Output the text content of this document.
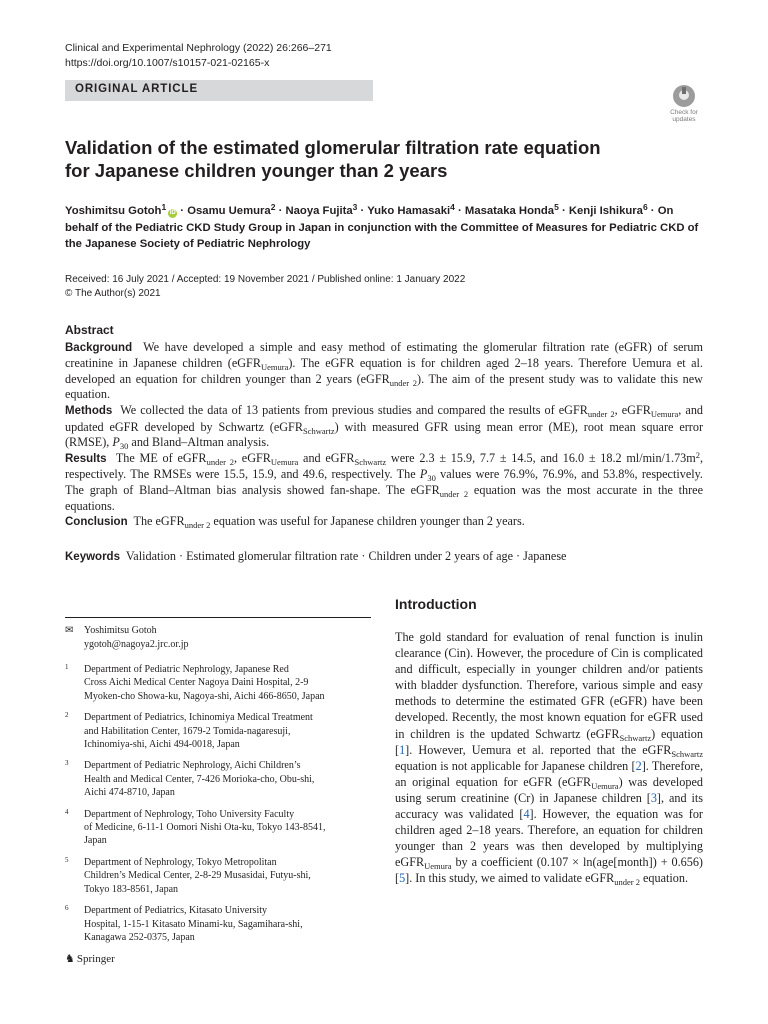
Clinical and Experimental Nephrology (2022) 26:266–271
https://doi.org/10.1007/s10157-021-02165-x
ORIGINAL ARTICLE
Check for
updates
Validation of the estimated glomerular filtration rate equation
for Japanese children younger than 2 years
Yoshimitsu Gotoh$^1$iD · Osamu Uemura$^2$ · Naoya Fujita$^3$ · Yuko Hamasaki$^4$ · Masataka Honda$^5$ · Kenji Ishikura$^6$ · On behalf of the Pediatric CKD Study Group in Japan in conjunction with the Committee of Measures for Pediatric CKD of the Japanese Society of Pediatric Nephrology
Received: 16 July 2021 / Accepted: 19 November 2021 / Published online: 1 January 2022
© The Author(s) 2021
Abstract

Background We have developed a simple and easy method of estimating the glomerular filtration rate (eGFR) of serum creatinine in Japanese children (eGFR$_{Uemura}$). The eGFR equation is for children aged 2–18 years. Therefore Uemura et al. developed an equation for children younger than 2 years (eGFR$_{under 2}$). The aim of the present study was to validate this new equation.

Methods We collected the data of 13 patients from previous studies and compared the results of eGFR$_{under 2}$, eGFR$_{Uemura}$, and updated eGFR developed by Schwartz (eGFR$_{Schwartz}$) with measured GFR using mean error (ME), root mean square error (RMSE), $P_{30}$ and Bland–Altman analysis.

Results The ME of eGFR$_{under 2}$, eGFR$_{Uemura}$ and eGFR$_{Schwartz}$ were 2.3 ± 15.9, 7.7 ± 14.5, and 16.0 ± 18.2 $ml/\min/1.73m^2$, respectively. The RMSEs were 15.5, 15.9, and 49.6, respectively. The $P_{30}$ values were 76.9%, 76.9%, and 53.8%, respectively. The graph of Bland–Altman bias analysis showed fan-shape. The eGFR$_{under 2}$ equation was the most accurate in the three equations.

Conclusion The eGFR$_{under 2}$ equation was useful for Japanese children younger than 2 years.

Keywords Validation · Estimated glomerular filtration rate · Children under 2 years of age · Japanese
✉ Yoshimitsu Gotoh
ygotoh@nagoya2.jrc.or.jp
1 Department of Pediatric Nephrology, Japanese Red
Cross Aichi Medical Center Nagoya Daini Hospital, 2-9
Myoken-cho Showa-ku, Nagoya-shi, Aichi 466-8650, Japan
2 Department of Pediatrics, Ichinomiya Medical Treatment
and Habilitation Center, 1679-2 Tomida-nagaresuji,
Ichinomiya-shi, Aichi 494-0018, Japan
3 Department of Pediatric Nephrology, Aichi Children’s
Health and Medical Center, 7-426 Morioka-cho, Obu-shi,
Aichi 474-8710, Japan
4 Department of Nephrology, Toho University Faculty
of Medicine, 6-11-1 Oomori Nishi Ota-ku, Tokyo 143-8541,
Japan
5 Department of Nephrology, Tokyo Metropolitan
Children’s Medical Center, 2-8-29 Musasidai, Futyu-shi,
Tokyo 183-8561, Japan
6 Department of Pediatrics, Kitasato University
Hospital, 1-15-1 Kitasato Minami-ku, Sagamihara-shi,
Kanagawa 252-0375, Japan
♞ Springer
Introduction

The gold standard for evaluation of renal function is inulin clearance (Cin). However, the procedure of Cin is complicated and difficult, especially in younger children and/or patients with bladder dysfunction. Therefore, various simple and easy methods to determine the estimated GFR (eGFR) have been developed. Recently, the most known equation for eGFR used in children is the updated Schwartz (eGFR$_{Schwartz}$) equation [1]. However, Uemura et al. reported that the eGFR$_{Schwartz}$ equation is not applicable for Japanese children [2]. Therefore, an original equation for eGFR (eGFR$_{Uemura}$) was developed using serum creatinine (Cr) in Japanese children [3], and its accuracy was validated [4]. However, the equation was for children aged 2–18 years. Therefore, an equation for children younger than 2 years was then developed by multiplying eGFR$_{Uemura}$ by a coefficient (0.107 × ln(age[month]) + 0.656) [5]. In this study, we aimed to validate eGFR$_{under 2}$ equation.
